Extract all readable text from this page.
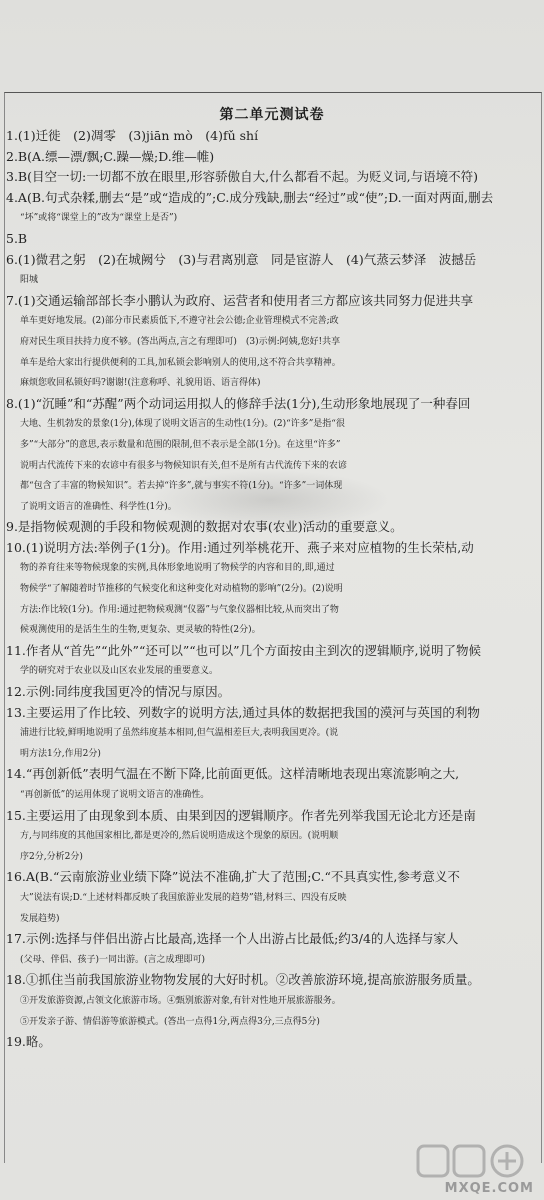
第二单元测试卷
1.(1)迁徙　(2)凋零　(3)jiān mò　(4)fǔ shí
2.B(A.缥—漂/飘;C.躁—燥;D.维—帷)
3.B(目空一切:一切都不放在眼里,形容骄傲自大,什么都看不起。为贬义词,与语境不符)
4.A(B.句式杂糅,删去“是”或“造成的”;C.成分残缺,删去“经过”或“使”;D.一面对两面,删去
“坏”或将“课堂上的”改为“课堂上是否”)
5.B
6.(1)微君之躬　(2)在城阙兮　(3)与君离别意　同是宦游人　(4)气蒸云梦泽　波撼岳
阳城
7.(1)交通运输部部长李小鹏认为政府、运营者和使用者三方都应该共同努力促进共享
单车更好地发展。(2)部分市民素质低下,不遵守社会公德;企业管理模式不完善;政
府对民生项目扶持力度不够。(答出两点,言之有理即可)　(3)示例:阿姨,您好!共享
单车是给大家出行提供便利的工具,加私锁会影响别人的使用,这不符合共享精神。
麻烦您收回私锁好吗?谢谢!(注意称呼、礼貌用语、语言得体)
8.(1)“沉睡”和“苏醒”两个动词运用拟人的修辞手法(1分),生动形象地展现了一种春回
大地、生机勃发的景象(1分),体现了说明文语言的生动性(1分)。(2)“许多”是指“很
多”“大部分”的意思,表示数量和范围的限制,但不表示是全部(1分)。在这里“许多”
说明古代流传下来的农谚中有很多与物候知识有关,但不是所有古代流传下来的农谚
都“包含了丰富的物候知识”。若去掉“许多”,就与事实不符(1分)。“许多”一词体现
了说明文语言的准确性、科学性(1分)。
9.是指物候观测的手段和物候观测的数据对农事(农业)活动的重要意义。
10.(1)说明方法:举例子(1分)。作用:通过列举桃花开、燕子来对应植物的生长荣枯,动
物的养育往来等物候现象的实例,具体形象地说明了物候学的内容和目的,即,通过
物候学“了解随着时节推移的气候变化和这种变化对动植物的影响”(2分)。(2)说明
方法:作比较(1分)。作用:通过把物候观测“仪器”与气象仪器相比较,从而突出了物
候观测使用的是活生生的生物,更复杂、更灵敏的特性(2分)。
11.作者从“首先”“此外”“还可以”“也可以”几个方面按由主到次的逻辑顺序,说明了物候
学的研究对于农业以及山区农业发展的重要意义。
12.示例:同纬度我国更冷的情况与原因。
13.主要运用了作比较、列数字的说明方法,通过具体的数据把我国的漠河与英国的利物
浦进行比较,鲜明地说明了虽然纬度基本相同,但气温相差巨大,表明我国更冷。(说
明方法1分,作用2分)
14.“再创新低”表明气温在不断下降,比前面更低。这样清晰地表现出寒流影响之大,
“再创新低”的运用体现了说明文语言的准确性。
15.主要运用了由现象到本质、由果到因的逻辑顺序。作者先列举我国无论北方还是南
方,与同纬度的其他国家相比,都是更冷的,然后说明造成这个现象的原因。(说明顺
序2分,分析2分)
16.A(B.“云南旅游业业绩下降”说法不准确,扩大了范围;C.“不具真实性,参考意义不
大”说法有误;D.“上述材料都反映了我国旅游业发展的趋势”错,材料三、四没有反映
发展趋势)
17.示例:选择与伴侣出游占比最高,选择一个人出游占比最低;约3/4的人选择与家人
(父母、伴侣、孩子)一同出游。(言之成理即可)
18.①抓住当前我国旅游业物物发展的大好时机。②改善旅游环境,提高旅游服务质量。
③开发旅游资源,占领文化旅游市场。④甄别旅游对象,有针对性地开展旅游服务。
⑤开发亲子游、情侣游等旅游模式。(答出一点得1分,两点得3分,三点得5分)
19.略。
MXQE.COM
